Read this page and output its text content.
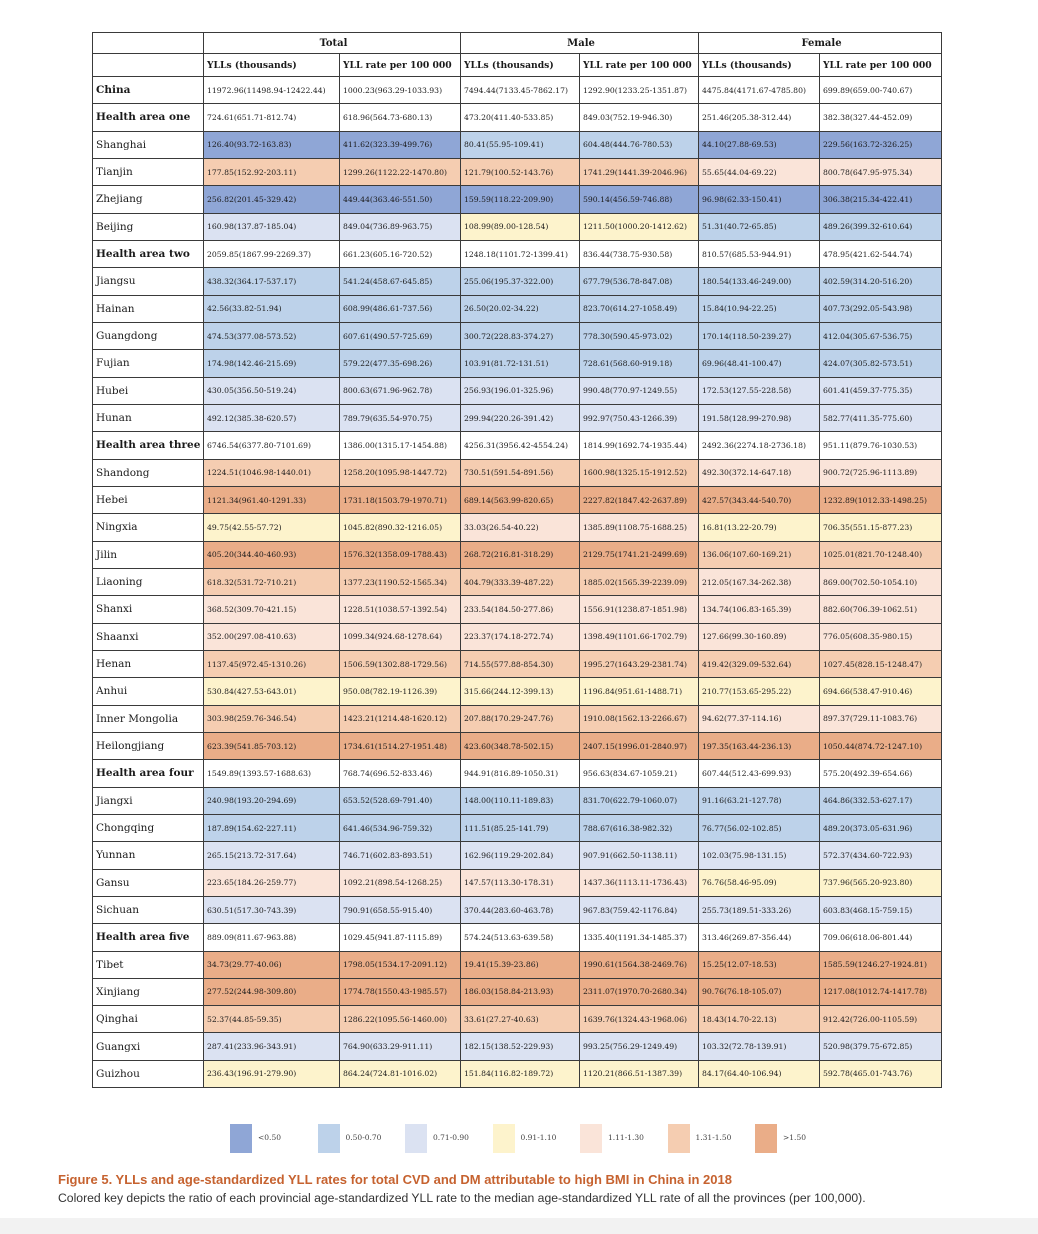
	Total		Male		Female	
	YLLs (thousands)	YLL rate per 100 000	YLLs (thousands)	YLL rate per 100 000	YLLs (thousands)	YLL rate per 100 000
China	11972.96(11498.94-12422.44)	1000.23(963.29-1033.93)	7494.44(7133.45-7862.17)	1292.90(1233.25-1351.87)	4475.84(4171.67-4785.80)	699.89(659.00-740.67)
Health area one	724.61(651.71-812.74)	618.96(564.73-680.13)	473.20(411.40-533.85)	849.03(752.19-946.30)	251.46(205.38-312.44)	382.38(327.44-452.09)
Shanghai	126.40(93.72-163.83)	411.62(323.39-499.76)	80.41(55.95-109.41)	604.48(444.76-780.53)	44.10(27.88-69.53)	229.56(163.72-326.25)
Tianjin	177.85(152.92-203.11)	1299.26(1122.22-1470.80)	121.79(100.52-143.76)	1741.29(1441.39-2046.96)	55.65(44.04-69.22)	800.78(647.95-975.34)
Zhejiang	256.82(201.45-329.42)	449.44(363.46-551.50)	159.59(118.22-209.90)	590.14(456.59-746.88)	96.98(62.33-150.41)	306.38(215.34-422.41)
Beijing	160.98(137.87-185.04)	849.04(736.89-963.75)	108.99(89.00-128.54)	1211.50(1000.20-1412.62)	51.31(40.72-65.85)	489.26(399.32-610.64)
Health area two	2059.85(1867.99-2269.37)	661.23(605.16-720.52)	1248.18(1101.72-1399.41)	836.44(738.75-930.58)	810.57(685.53-944.91)	478.95(421.62-544.74)
Jiangsu	438.32(364.17-537.17)	541.24(458.67-645.85)	255.06(195.37-322.00)	677.79(536.78-847.08)	180.54(133.46-249.00)	402.59(314.20-516.20)
Hainan	42.56(33.82-51.94)	608.99(486.61-737.56)	26.50(20.02-34.22)	823.70(614.27-1058.49)	15.84(10.94-22.25)	407.73(292.05-543.98)
Guangdong	474.53(377.08-573.52)	607.61(490.57-725.69)	300.72(228.83-374.27)	778.30(590.45-973.02)	170.14(118.50-239.27)	412.04(305.67-536.75)
Fujian	174.98(142.46-215.69)	579.22(477.35-698.26)	103.91(81.72-131.51)	728.61(568.60-919.18)	69.96(48.41-100.47)	424.07(305.82-573.51)
Hubei	430.05(356.50-519.24)	800.63(671.96-962.78)	256.93(196.01-325.96)	990.48(770.97-1249.55)	172.53(127.55-228.58)	601.41(459.37-775.35)
Hunan	492.12(385.38-620.57)	789.79(635.54-970.75)	299.94(220.26-391.42)	992.97(750.43-1266.39)	191.58(128.99-270.98)	582.77(411.35-775.60)
Health area three	6746.54(6377.80-7101.69)	1386.00(1315.17-1454.88)	4256.31(3956.42-4554.24)	1814.99(1692.74-1935.44)	2492.36(2274.18-2736.18)	951.11(879.76-1030.53)
Shandong	1224.51(1046.98-1440.01)	1258.20(1095.98-1447.72)	730.51(591.54-891.56)	1600.98(1325.15-1912.52)	492.30(372.14-647.18)	900.72(725.96-1113.89)
Hebei	1121.34(961.40-1291.33)	1731.18(1503.79-1970.71)	689.14(563.99-820.65)	2227.82(1847.42-2637.89)	427.57(343.44-540.70)	1232.89(1012.33-1498.25)
Ningxia	49.75(42.55-57.72)	1045.82(890.32-1216.05)	33.03(26.54-40.22)	1385.89(1108.75-1688.25)	16.81(13.22-20.79)	706.35(551.15-877.23)
Jilin	405.20(344.40-460.93)	1576.32(1358.09-1788.43)	268.72(216.81-318.29)	2129.75(1741.21-2499.69)	136.06(107.60-169.21)	1025.01(821.70-1248.40)
Liaoning	618.32(531.72-710.21)	1377.23(1190.52-1565.34)	404.79(333.39-487.22)	1885.02(1565.39-2239.09)	212.05(167.34-262.38)	869.00(702.50-1054.10)
Shanxi	368.52(309.70-421.15)	1228.51(1038.57-1392.54)	233.54(184.50-277.86)	1556.91(1238.87-1851.98)	134.74(106.83-165.39)	882.60(706.39-1062.51)
Shaanxi	352.00(297.08-410.63)	1099.34(924.68-1278.64)	223.37(174.18-272.74)	1398.49(1101.66-1702.79)	127.66(99.30-160.89)	776.05(608.35-980.15)
Henan	1137.45(972.45-1310.26)	1506.59(1302.88-1729.56)	714.55(577.88-854.30)	1995.27(1643.29-2381.74)	419.42(329.09-532.64)	1027.45(828.15-1248.47)
Anhui	530.84(427.53-643.01)	950.08(782.19-1126.39)	315.66(244.12-399.13)	1196.84(951.61-1488.71)	210.77(153.65-295.22)	694.66(538.47-910.46)
Inner Mongolia	303.98(259.76-346.54)	1423.21(1214.48-1620.12)	207.88(170.29-247.76)	1910.08(1562.13-2266.67)	94.62(77.37-114.16)	897.37(729.11-1083.76)
Heilongjiang	623.39(541.85-703.12)	1734.61(1514.27-1951.48)	423.60(348.78-502.15)	2407.15(1996.01-2840.97)	197.35(163.44-236.13)	1050.44(874.72-1247.10)
Health area four	1549.89(1393.57-1688.63)	768.74(696.52-833.46)	944.91(816.89-1050.31)	956.63(834.67-1059.21)	607.44(512.43-699.93)	575.20(492.39-654.66)
Jiangxi	240.98(193.20-294.69)	653.52(528.69-791.40)	148.00(110.11-189.83)	831.70(622.79-1060.07)	91.16(63.21-127.78)	464.86(332.53-627.17)
Chongqing	187.89(154.62-227.11)	641.46(534.96-759.32)	111.51(85.25-141.79)	788.67(616.38-982.32)	76.77(56.02-102.85)	489.20(373.05-631.96)
Yunnan	265.15(213.72-317.64)	746.71(602.83-893.51)	162.96(119.29-202.84)	907.91(662.50-1138.11)	102.03(75.98-131.15)	572.37(434.60-722.93)
Gansu	223.65(184.26-259.77)	1092.21(898.54-1268.25)	147.57(113.30-178.31)	1437.36(1113.11-1736.43)	76.76(58.46-95.09)	737.96(565.20-923.80)
Sichuan	630.51(517.30-743.39)	790.91(658.55-915.40)	370.44(283.60-463.78)	967.83(759.42-1176.84)	255.73(189.51-333.26)	603.83(468.15-759.15)
Health area five	889.09(811.67-963.88)	1029.45(941.87-1115.89)	574.24(513.63-639.58)	1335.40(1191.34-1485.37)	313.46(269.87-356.44)	709.06(618.06-801.44)
Tibet	34.73(29.77-40.06)	1798.05(1534.17-2091.12)	19.41(15.39-23.86)	1990.61(1564.38-2469.76)	15.25(12.07-18.53)	1585.59(1246.27-1924.81)
Xinjiang	277.52(244.98-309.80)	1774.78(1550.43-1985.57)	186.03(158.84-213.93)	2311.07(1970.70-2680.34)	90.76(76.18-105.07)	1217.08(1012.74-1417.78)
Qinghai	52.37(44.85-59.35)	1286.22(1095.56-1460.00)	33.61(27.27-40.63)	1639.76(1324.43-1968.06)	18.43(14.70-22.13)	912.42(726.00-1105.59)
Guangxi	287.41(233.96-343.91)	764.90(633.29-911.11)	182.15(138.52-229.93)	993.25(756.29-1249.49)	103.32(72.78-139.91)	520.98(379.75-672.85)
Guizhou	236.43(196.91-279.90)	864.24(724.81-1016.02)	151.84(116.82-189.72)	1120.21(866.51-1387.39)	84.17(64.40-106.94)	592.78(465.01-743.76)
<0.50	0.50-0.70	0.71-0.90	0.91-1.10	1.11-1.30	1.31-1.50	>1.50
Figure 5. YLLs and age-standardized YLL rates for total CVD and DM attributable to high BMI in China in 2018
Colored key depicts the ratio of each provincial age-standardized YLL rate to the median age-standardized YLL rate of all the provinces (per 100,000).
